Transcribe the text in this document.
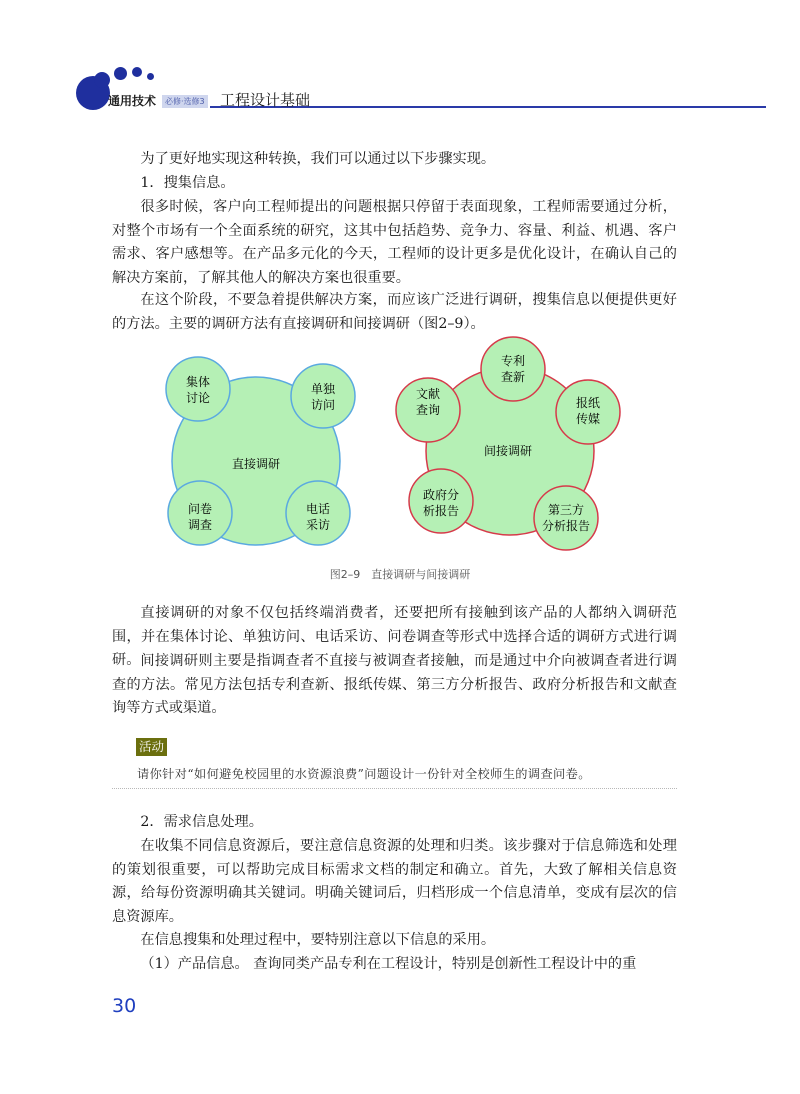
通用技术	必修·选修3 工程设计基础

为了更好地实现这种转换，我们可以通过以下步骤实现。

1．搜集信息。

很多时候，客户向工程师提出的问题根据只停留于表面现象，工程师需要通过分析，对整个市场有一个全面系统的研究，这其中包括趋势、竞争力、容量、利益、机遇、客户需求、客户感想等。在产品多元化的今天，工程师的设计更多是优化设计，在确认自己的解决方案前，了解其他人的解决方案也很重要。

在这个阶段，不要急着提供解决方案，而应该广泛进行调研，搜集信息以便提供更好的方法。主要的调研方法有直接调研和间接调研（图2–9）。

直接调研
集体
讨论
单独
访问
问卷
调查
电话
采访
间接调研
专利
查新
文献
查询	报纸
传媒
政府分
析报告	第三方
分析报告
图2–9　直接调研与间接调研

直接调研的对象不仅包括终端消费者，还要把所有接触到该产品的人都纳入调研范围，并在集体讨论、单独访问、电话采访、问卷调查等形式中选择合适的调研方式进行调研。 间接调研则主要是指调查者不直接与被调查者接触，而是通过中介向被调查者进行调查的方法。常见方法包括专利查新、报纸传媒、第三方分析报告、政府分析报告和文献查询等方式或渠道。

活动
请你针对“如何避免校园里的水资源浪费”问题设计一份针对全校师生的调查问卷。

2．需求信息处理。

在收集不同信息资源后，要注意信息资源的处理和归类。该步骤对于信息筛选和处理的策划很重要，可以帮助完成目标需求文档的制定和确立。首先，大致了解相关信息资源，给每份资源明确其关键词。明确关键词后，归档形成一个信息清单，变成有层次的信息资源库。

在信息搜集和处理过程中，要特别注意以下信息的采用。

（1）产品信息。 查询同类产品专利在工程设计，特别是创新性工程设计中的重

30
